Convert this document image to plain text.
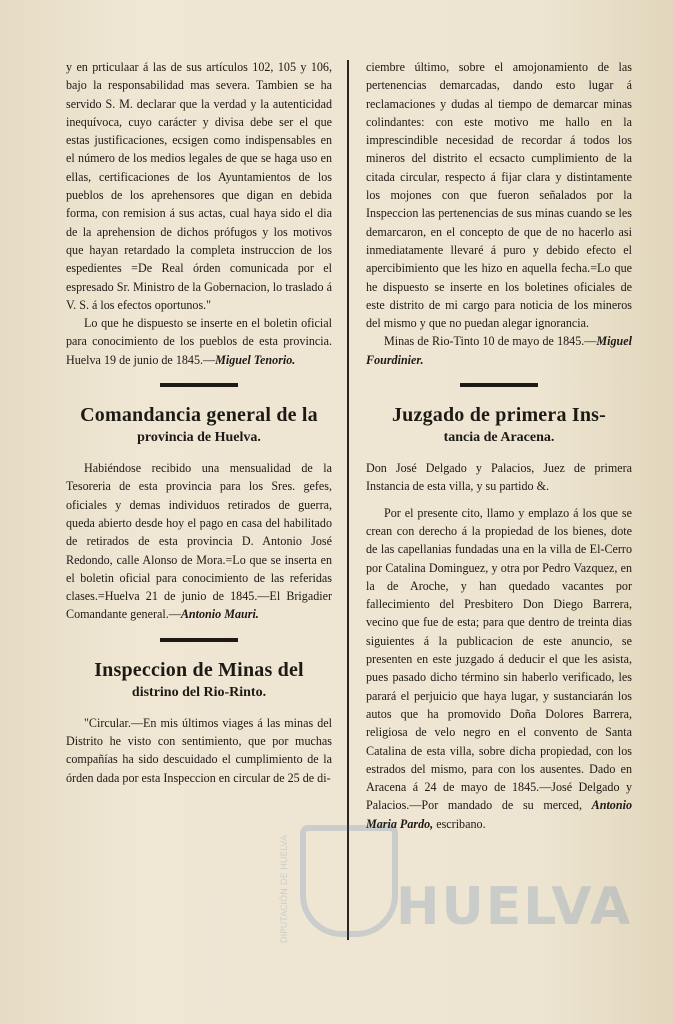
y en prticulaar á las de sus artículos 102, 105 y 106, bajo la responsabilidad mas severa. Tambien se ha servido S. M. declarar que la verdad y la autenticidad inequívoca, cuyo carácter y divisa debe ser el que estas justificaciones, ecsigen como indispensables en el número de los medios legales de que se haga uso en ellas, certificaciones de los Ayuntamientos de los pueblos de los aprehensores que digan en debida forma, con remision á sus actas, cual haya sido el dia de la aprehension de dichos prófugos y los motivos que hayan retardado la completa instruccion de los espedientes =De Real órden comunicada por el espresado Sr. Ministro de la Gobernacion, lo traslado á V. S. á los efectos oportunos."

Lo que he dispuesto se inserte en el boletin oficial para conocimiento de los pueblos de esta provincia. Huelva 19 de junio de 1845.—Miguel Tenorio.

Comandancia general de la
provincia de Huelva.

Habiéndose recibido una mensualidad de la Tesoreria de esta provincia para los Sres. gefes, oficiales y demas individuos retirados de guerra, queda abierto desde hoy el pago en casa del habilitado de retirados de esta provincia D. Antonio José Redondo, calle Alonso de Mora.=Lo que se inserta en el boletin oficial para conocimiento de las referidas clases.=Huelva 21 de junio de 1845.—El Brigadier Comandante general.—Antonio Mauri.

Inspeccion de Minas del
distrino del Rio-Rinto.

"Circular.—En mis últimos viages á las minas del Distrito he visto con sentimiento, que por muchas compañías ha sido descuidado el cumplimiento de la órden dada por esta Inspeccion en circular de 25 de di-

ciembre último, sobre el amojonamiento de las pertenencias demarcadas, dando esto lugar á reclamaciones y dudas al tiempo de demarcar minas colindantes: con este motivo me hallo en la imprescindible necesidad de recordar á todos los mineros del distrito el ecsacto cumplimiento de la citada circular, respecto á fijar clara y distintamente los mojones con que fueron señalados por la Inspeccion las pertenencias de sus minas cuando se les demarcaron, en el concepto de que de no hacerlo asi inmediatamente llevaré á puro y debido efecto el apercibimiento que les hizo en aquella fecha.=Lo que he dispuesto se inserte en los boletines oficiales de este distrito de mi cargo para noticia de los mineros del mismo y que no puedan alegar ignorancia.

Minas de Rio-Tinto 10 de mayo de 1845.—Miguel Fourdinier.

Juzgado de primera Ins-
tancia de Aracena.

Don José Delgado y Palacios, Juez de primera Instancia de esta villa, y su partido &.

Por el presente cito, llamo y emplazo á los que se crean con derecho á la propiedad de los bienes, dote de las capellanias fundadas una en la villa de El-Cerro por Catalina Dominguez, y otra por Pedro Vazquez, en la de Aroche, y han quedado vacantes por fallecimiento del Presbitero Don Diego Barrera, vecino que fue de esta; para que dentro de treinta dias siguientes á la publicacion de este anuncio, se presenten en este juzgado á deducir el que les asista, pues pasado dicho término sin haberlo verificado, les parará el perjuicio que haya lugar, y sustanciarán los autos que ha promovido Doña Dolores Barrera, religiosa de velo negro en el convento de Santa Catalina de esta villa, sobre dicha propiedad, con los estrados del mismo, para con los ausentes. Dado en Aracena á 24 de mayo de 1845.—José Delgado y Palacios.—Por mandado de su merced, Antonio Maria Pardo, escribano.

HUELVA
DIPUTACIÓN DE HUELVA
